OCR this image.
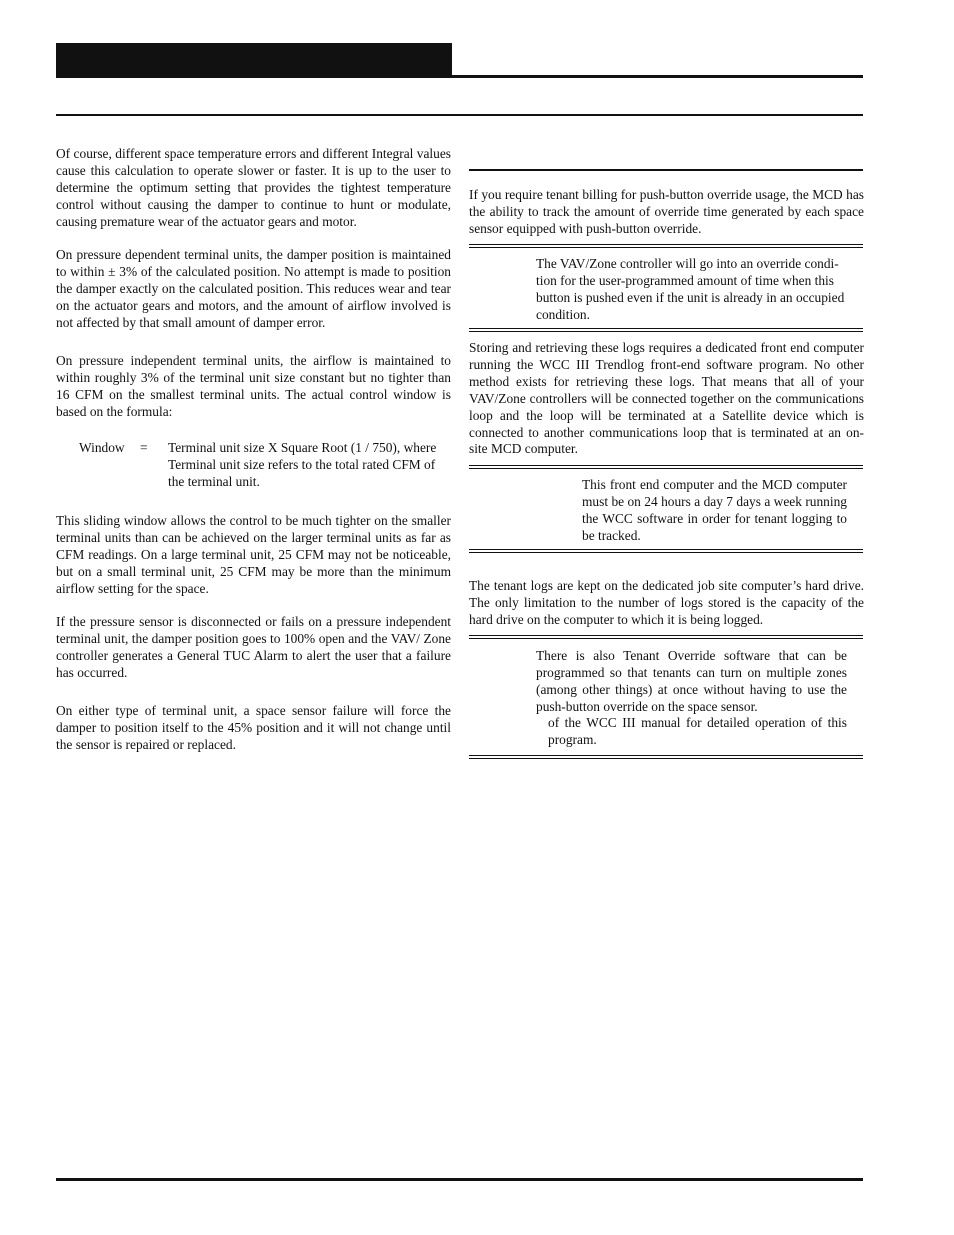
Of course, different space temperature errors and different Integral values cause this calculation to operate slower or faster. It is up to the user to determine the optimum setting that provides the tightest temperature control without causing the damper to continue to hunt or modulate, causing premature wear of the actuator gears and motor.

On pressure dependent terminal units, the damper position is maintained to within ± 3% of the calculated position. No attempt is made to position the damper exactly on the calculated position. This reduces wear and tear on the actuator gears and motors, and the amount of airflow involved is not affected by that small amount of damper error.

On pressure independent terminal units, the airflow is maintained to within roughly 3% of the terminal unit size constant but no tighter than 16 CFM on the smallest terminal units. The actual control window is based on the formula:

Window = Terminal unit size X Square Root (1 / 750), where Terminal unit size refers to the total rated CFM of the terminal unit.

This sliding window allows the control to be much tighter on the smaller terminal units than can be achieved on the larger terminal units as far as CFM readings. On a large terminal unit, 25 CFM may not be noticeable, but on a small terminal unit, 25 CFM may be more than the minimum airflow setting for the space.

If the pressure sensor is disconnected or fails on a pressure independent terminal unit, the damper position goes to 100% open and the VAV/ Zone controller generates a General TUC Alarm to alert the user that a failure has occurred.

On either type of terminal unit, a space sensor failure will force the damper to position itself to the 45% position and it will not change until the sensor is repaired or replaced.

If you require tenant billing for push-button override usage, the MCD has the ability to track the amount of override time generated by each space sensor equipped with push-button override.

The VAV/Zone controller will go into an override condition for the user-programmed amount of time when this button is pushed even if the unit is already in an occupied condition.

Storing and retrieving these logs requires a dedicated front end computer running the WCC III Trendlog front-end software program. No other method exists for retrieving these logs. That means that all of your VAV/Zone controllers will be connected together on the communications loop and the loop will be terminated at a Satellite device which is connected to another communications loop that is terminated at an on-site MCD computer.

This front end computer and the MCD computer must be on 24 hours a day 7 days a week running the WCC software in order for tenant logging to be tracked.

The tenant logs are kept on the dedicated job site computer’s hard drive. The only limitation to the number of logs stored is the capacity of the hard drive on the computer to which it is being logged.

There is also Tenant Override software that can be programmed so that tenants can turn on multiple zones (among other things) at once without having to use the push-button override on the space sensor.
of the WCC III manual for detailed operation of this program.
